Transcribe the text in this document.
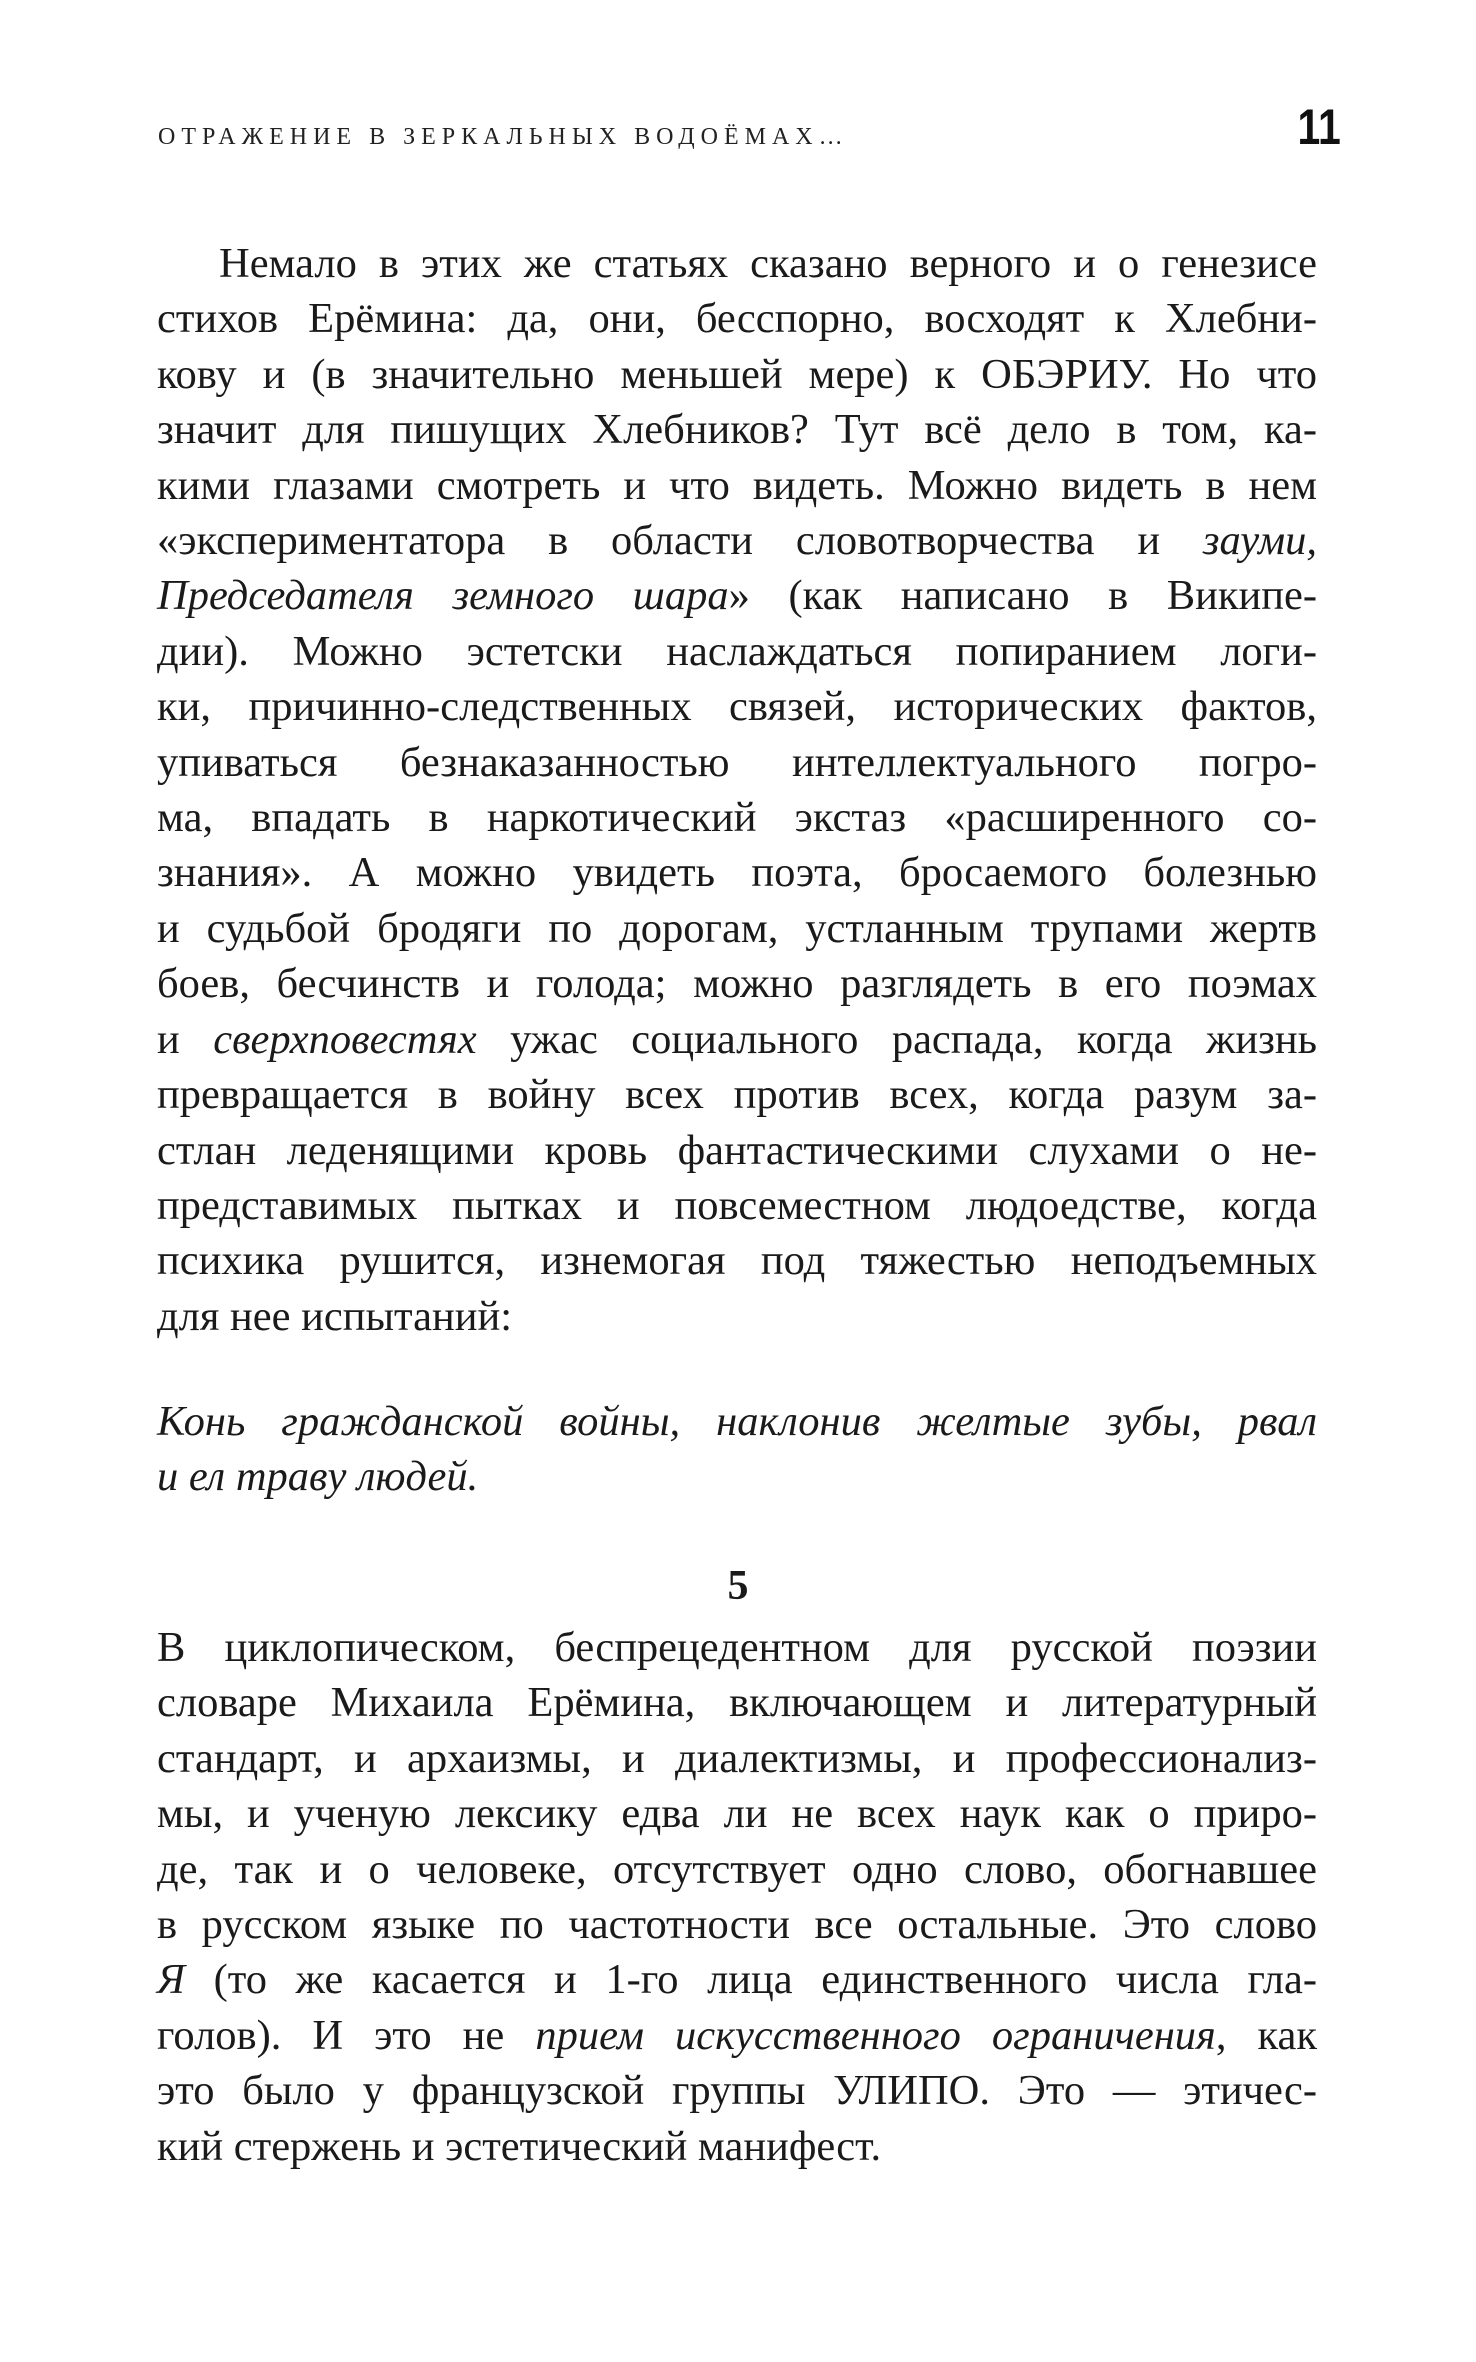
ОТРАЖЕНИЕ В ЗЕРКАЛЬНЫХ ВОДОЁМАХ…	11
Немало в этих же статьях сказано верного и о генезисе
стихов Ерёмина: да, они, бесспорно, восходят к Хлебни-
кову и (в значительно меньшей мере) к ОБЭРИУ. Но что
значит для пишущих Хлебников? Тут всё дело в том, ка-
кими глазами смотреть и что видеть. Можно видеть в нем
«экспериментатора в области словотворчества и зауми,
Председателя земного шара» (как написано в Википе-
дии). Можно эстетски наслаждаться попиранием логи-
ки, причинно-следственных связей, исторических фактов,
упиваться безнаказанностью интеллектуального погро-
ма, впадать в наркотический экстаз «расширенного со-
знания». А можно увидеть поэта, бросаемого болезнью
и судьбой бродяги по дорогам, устланным трупами жертв
боев, бесчинств и голода; можно разглядеть в его поэмах
и сверхповестях ужас социального распада, когда жизнь
превращается в войну всех против всех, когда разум за-
стлан леденящими кровь фантастическими слухами о не-
представимых пытках и повсеместном людоедстве, когда
психика рушится, изнемогая под тяжестью неподъемных
для нее испытаний:
Конь гражданской войны, наклонив желтые зубы, рвал
и ел траву людей.
5
В циклопическом, беспрецедентном для русской поэзии
словаре Михаила Ерёмина, включающем и литературный
стандарт, и архаизмы, и диалектизмы, и профессионализ-
мы, и ученую лексику едва ли не всех наук как о приро-
де, так и о человеке, отсутствует одно слово, обогнавшее
в русском языке по частотности все остальные. Это слово
Я (то же касается и 1-го лица единственного числа гла-
голов). И это не прием искусственного ограничения, как
это было у французской группы УЛИПО. Это — этичес-
кий стержень и эстетический манифест.
